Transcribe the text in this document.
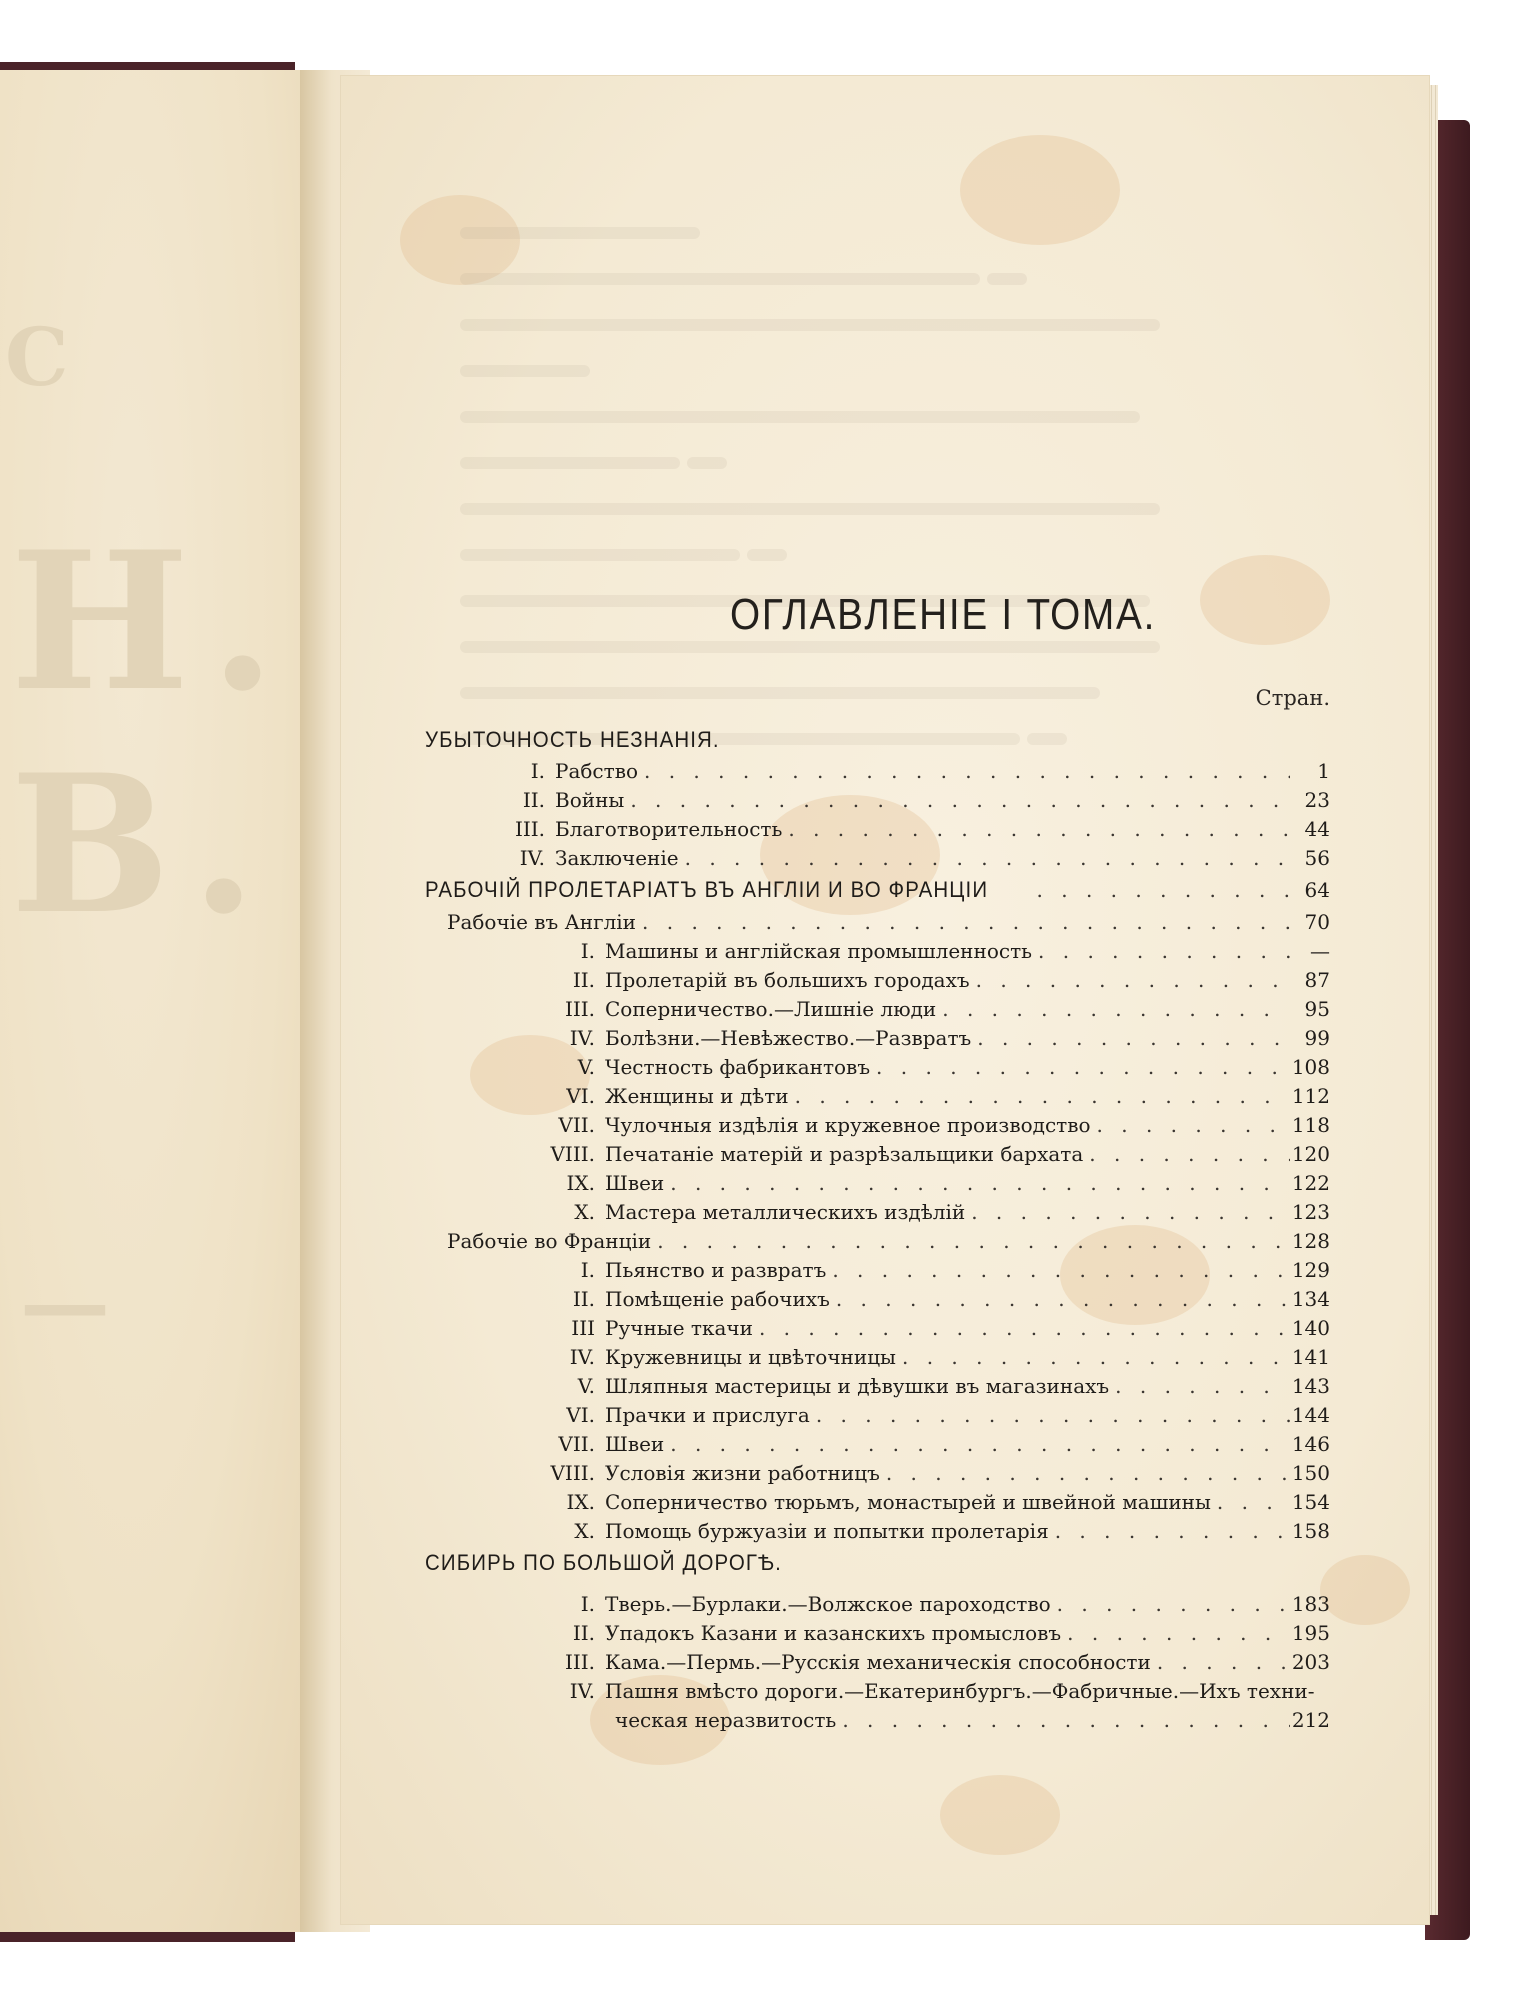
С
Н. В.
—

ОГЛАВЛЕНІЕ I ТОМА.
Стран.
УБЫТОЧНОСТЬ НЕЗНАНІЯ.
I. Рабство . . .	1
II. Войны . . .	23
III. Благотворительность . . .	44
IV. Заключеніе . . .	56
РАБОЧІЙ ПРОЛЕТАРІАТЪ ВЪ АНГЛІИ И ВО ФРАНЦІИ . . .	64
Рабочіе въ Англіи . . .	70
I. Машины и англійская промышленность . . .	—
II. Пролетарій въ большихъ городахъ . . .	87
III. Соперничество.—Лишніе люди . . .	95
IV. Болѣзни.—Невѣжество.—Развратъ . . .	99
V. Честность фабрикантовъ . . .	108
VI. Женщины и дѣти . . .	112
VII. Чулочныя издѣлія и кружевное производство . . .	118
VIII. Печатаніе матерій и разрѣзальщики бархата . . .	120
IX. Швеи . . .	122
X. Мастера металлическихъ издѣлій . . .	123
Рабочіе во Франціи . . .	128
I. Пьянство и развратъ . . .	129
II. Помѣщеніе рабочихъ . . .	134
III Ручные ткачи . . .	140
IV. Кружевницы и цвѣточницы . . .	141
V. Шляпныя мастерицы и дѣвушки въ магазинахъ . . .	143
VI. Прачки и прислуга . . .	144
VII. Швеи . . .	146
VIII. Условія жизни работницъ . . .	150
IX. Соперничество тюрьмъ, монастырей и швейной машины . . .	154
X. Помощь буржуазіи и попытки пролетарія . . .	158
СИБИРЬ ПО БОЛЬШОЙ ДОРОГѢ.
I. Тверь.—Бурлаки.—Волжское пароходство . . .	183
II. Упадокъ Казани и казанскихъ промысловъ . . .	195
III. Кама.—Пермь.—Русскія механическія способности . . .	203
IV. Пашня вмѣсто дороги.—Екатеринбургъ.—Фабричные.—Ихъ техни-
ческая неразвитость . . .	212
